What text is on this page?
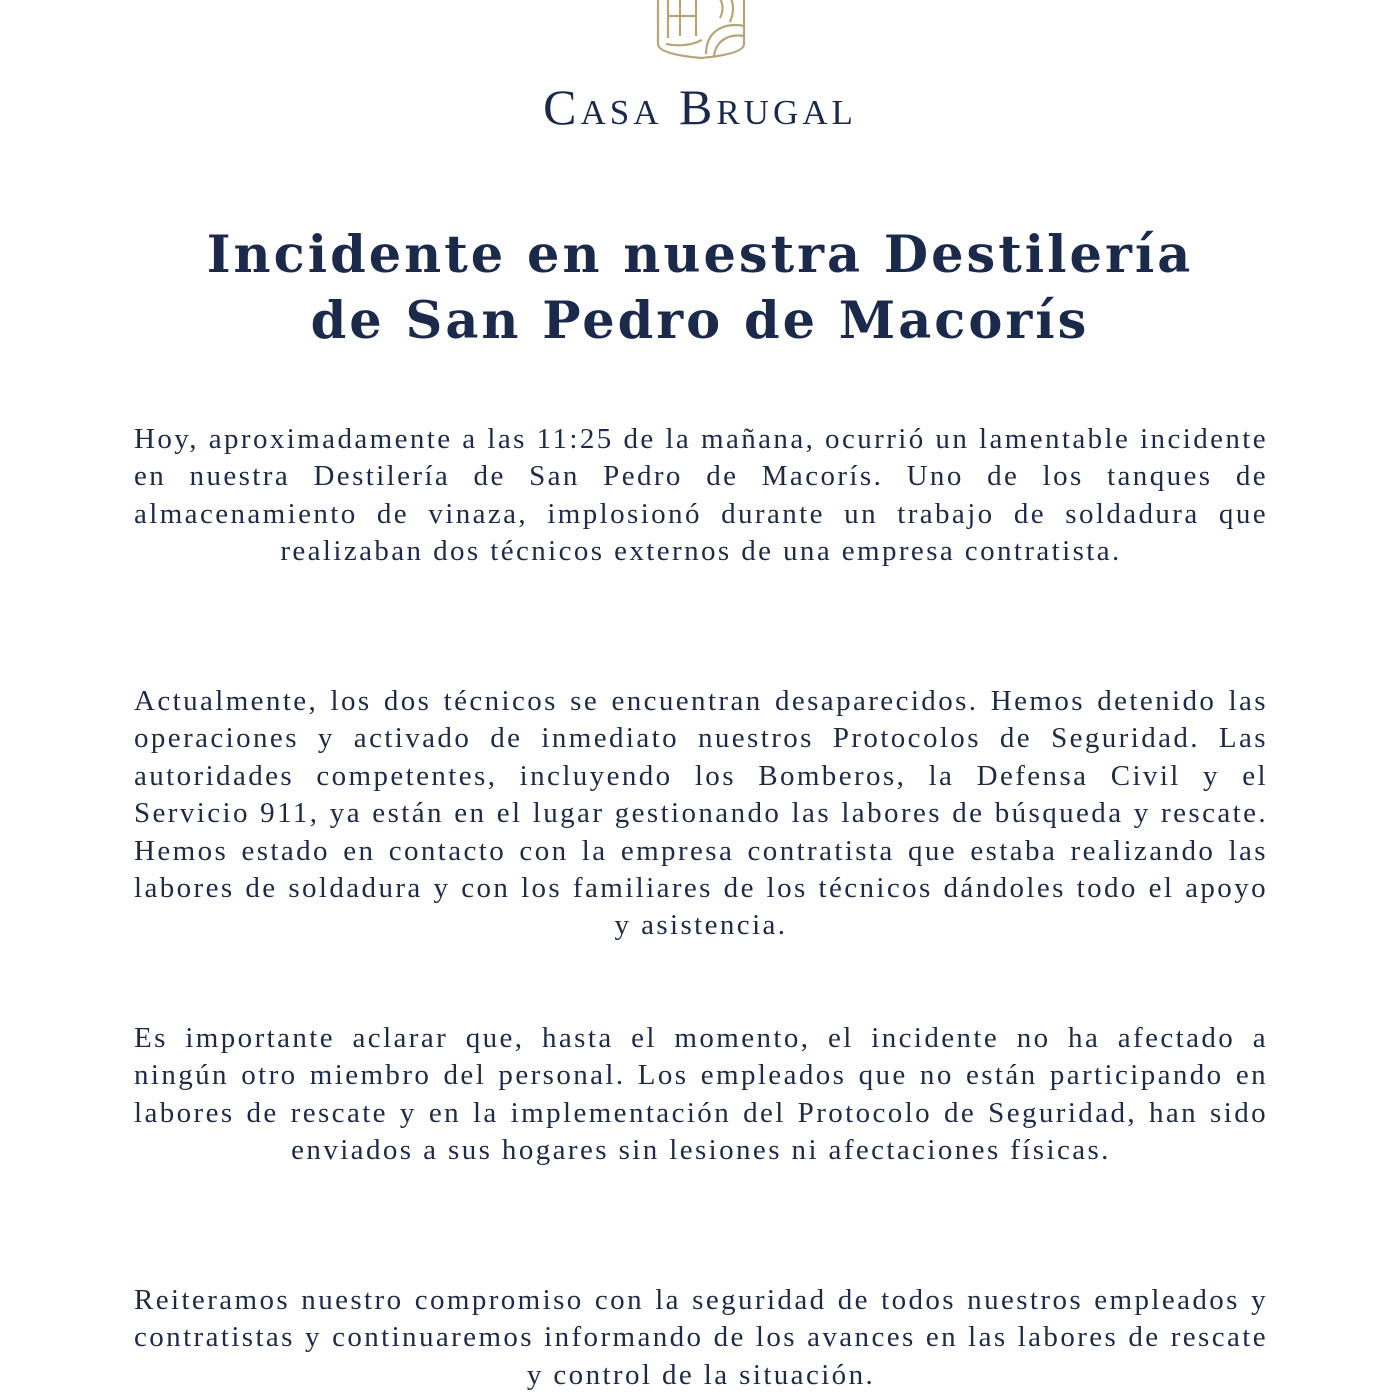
Casa Brugal
Incidente en nuestra Destilería
de San Pedro de Macorís

Hoy, aproximadamente a las 11:25 de la mañana, ocurrió un lamentable incidente en nuestra Destilería de San Pedro de Macorís. Uno de los tanques de almacenamiento de vinaza, implosionó durante un trabajo de soldadura que realizaban dos técnicos externos de una empresa contratista.

Actualmente, los dos técnicos se encuentran desaparecidos. Hemos detenido las operaciones y activado de inmediato nuestros Protocolos de Seguridad. Las autoridades competentes, incluyendo los Bomberos, la Defensa Civil y el Servicio 911, ya están en el lugar gestionando las labores de búsqueda y rescate. Hemos estado en contacto con la empresa contratista que estaba realizando las labores de soldadura y con los familiares de los técnicos dándoles todo el apoyo y asistencia.

Es importante aclarar que, hasta el momento, el incidente no ha afectado a ningún otro miembro del personal. Los empleados que no están participando en labores de rescate y en la implementación del Protocolo de Seguridad, han sido enviados a sus hogares sin lesiones ni afectaciones físicas.

Reiteramos nuestro compromiso con la seguridad de todos nuestros empleados y contratistas y continuaremos informando de los avances en las labores de rescate y control de la situación.
